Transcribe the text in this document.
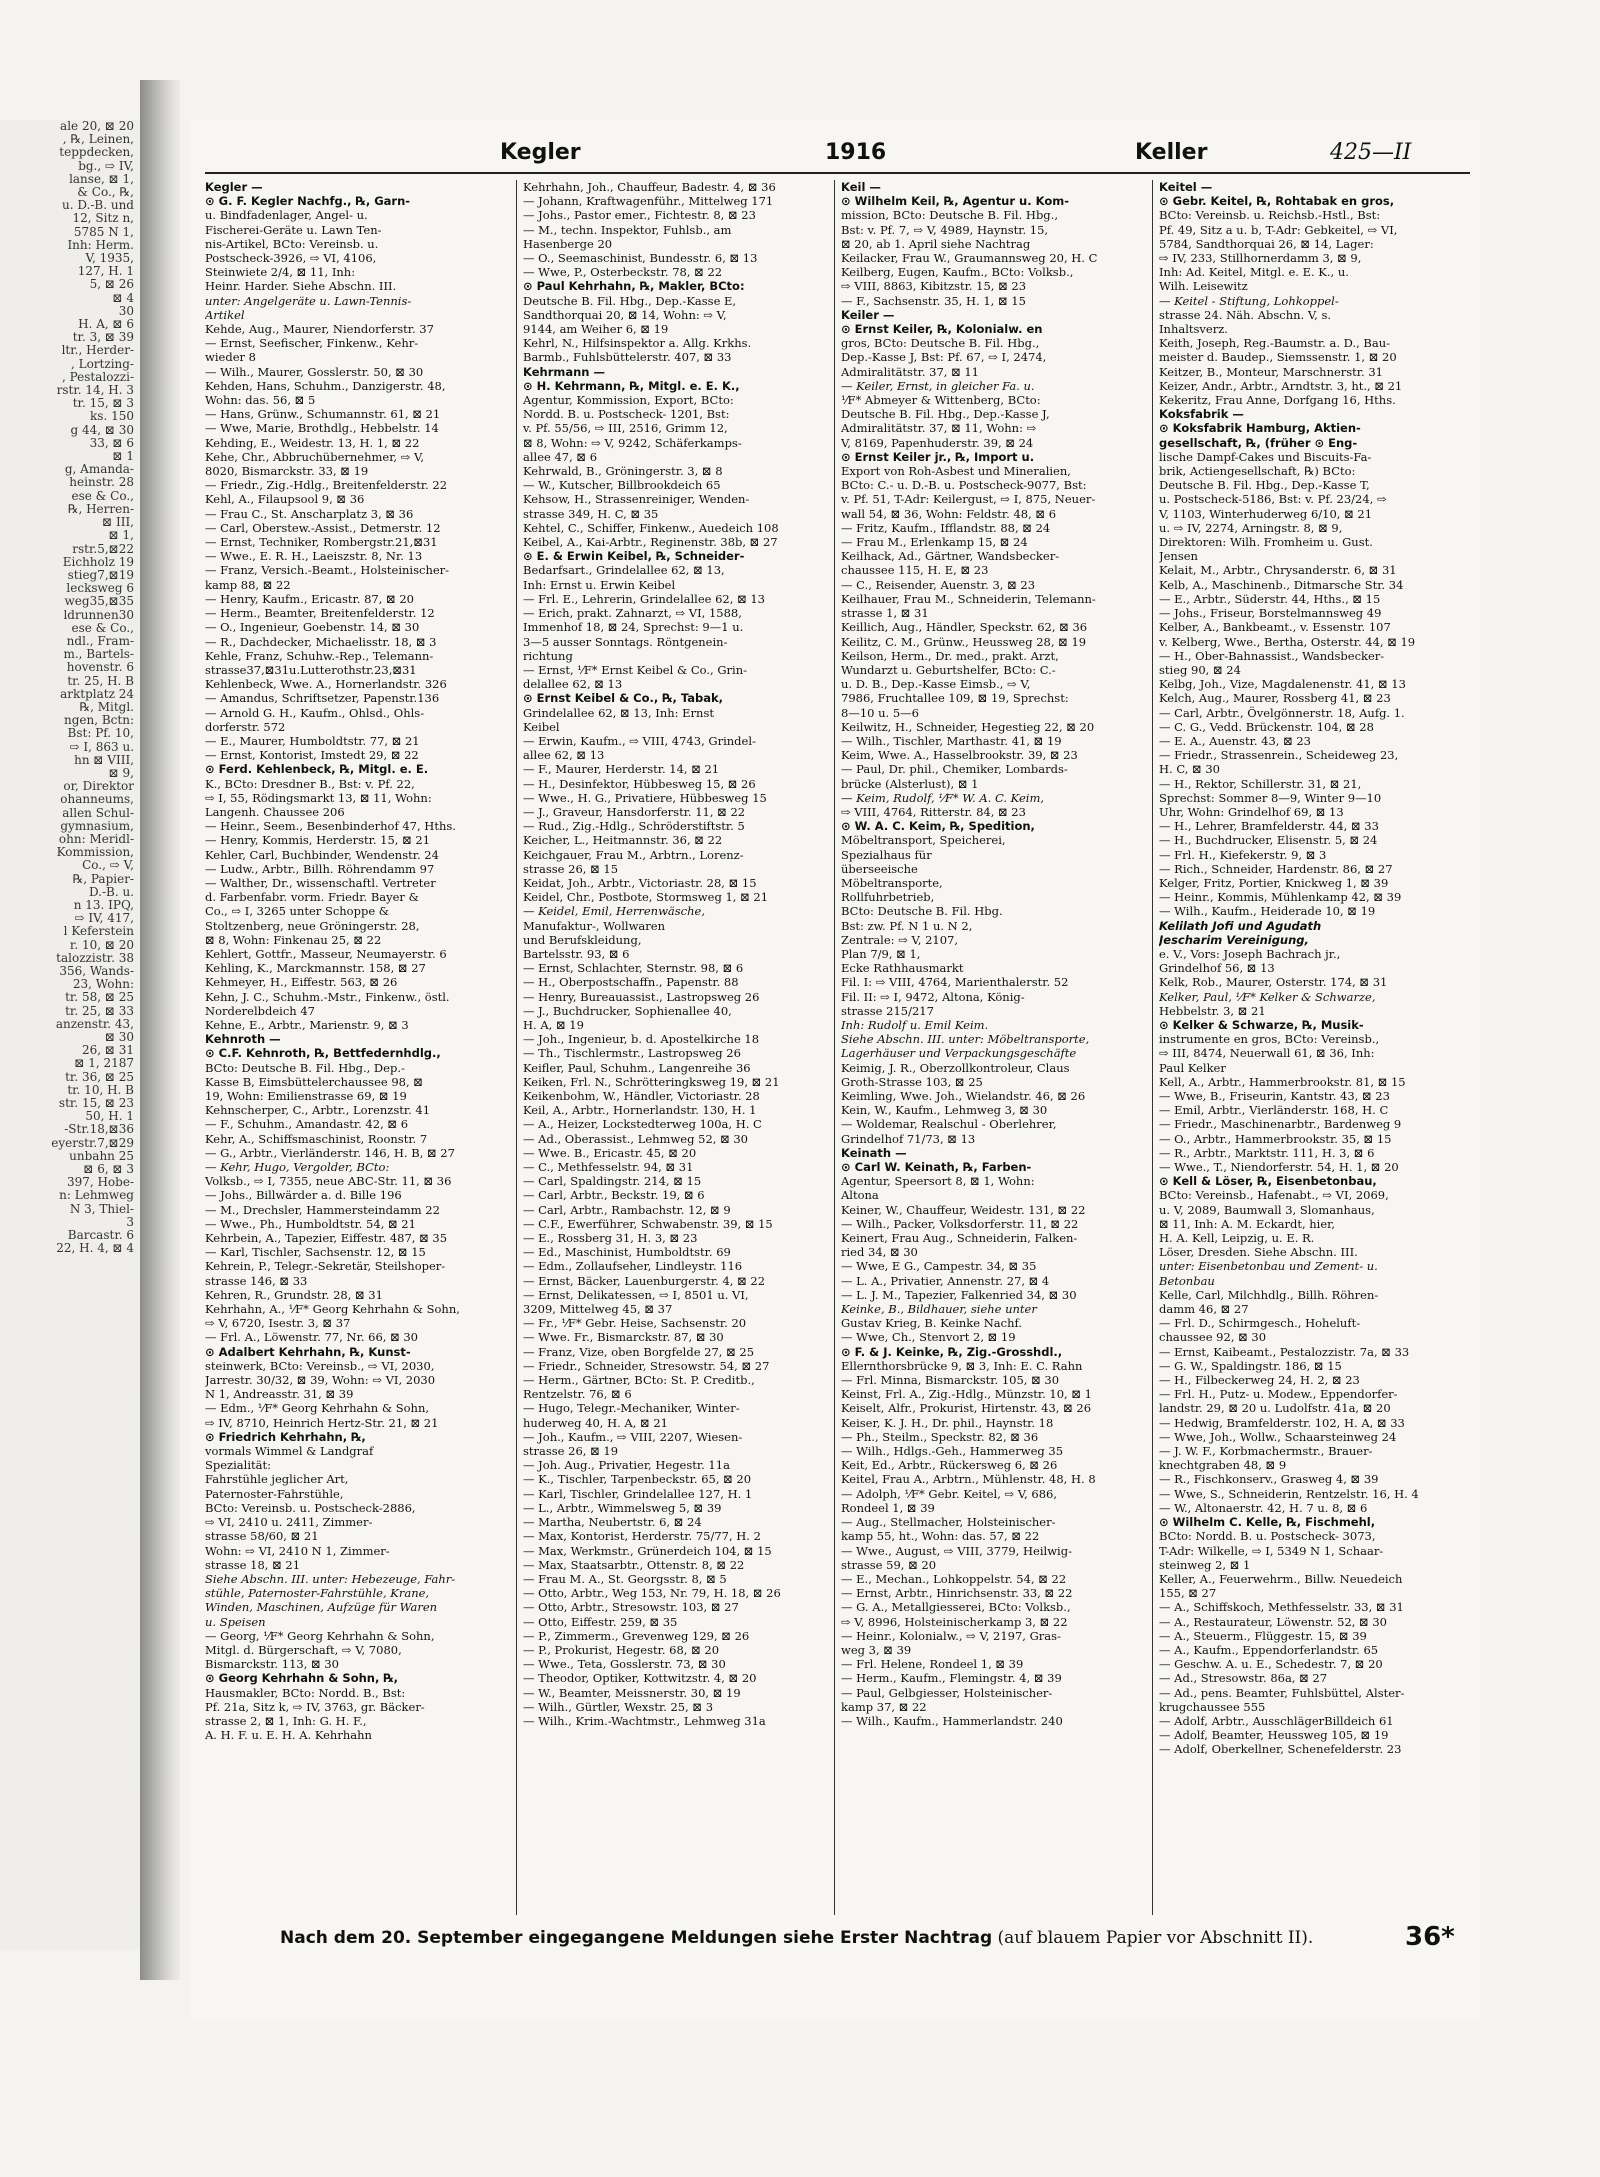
ale 20, ⊠ 20
, ℞, Leinen,
teppdecken,
bg., ⇨ IV,
lanse, ⊠ 1,
& Co., ℞,
u. D.-B. und
12, Sitz n,
5785 N 1,
Inh: Herm.
V, 1935,
127, H. 1
5, ⊠ 26
⊠ 4
30
H. A, ⊠ 6
tr. 3, ⊠ 39
ltr., Herder-
, Lortzing-
, Pestalozzi-
rstr. 14, H. 3
tr. 15, ⊠ 3
ks. 150
g 44, ⊠ 30
33, ⊠ 6
⊠ 1
g, Amanda-
heinstr. 28
ese & Co.,
℞, Herren-
⊠ III,
⊠ 1,
rstr.5,⊠22
Eichholz 19
stieg7,⊠19
lecksweg 6
weg35,⊠35
ldrunnen30
ese & Co.,
ndl., Fram-
m., Bartels-
hovenstr. 6
tr. 25, H. B
arktplatz 24
℞, Mitgl.
ngen, Bctn:
Bst: Pf. 10,
⇨ I, 863 u.
hn ⊠ VIII,
⊠ 9,
or, Direktor
ohanneums,
allen Schul-
gymnasium,
ohn: Meridl-
Kommission,
Co., ⇨ V,
℞, Papier-
D.-B. u.
n 13. IPQ,
⇨ IV, 417,
l Keferstein
r. 10, ⊠ 20
talozzistr. 38
356, Wands-
23, Wohn:
tr. 58, ⊠ 25
tr. 25, ⊠ 33
anzenstr. 43,
⊠ 30
26, ⊠ 31
⊠ 1, 2187
tr. 36, ⊠ 25
tr. 10, H. B
str. 15, ⊠ 23
50, H. 1
-Str.18,⊠36
eyerstr.7,⊠29
unbahn 25
⊠ 6, ⊠ 3
397, Hobe-
n: Lehmweg
N 3, Thiel-
3
Barcastr. 6
22, H. 4, ⊠ 4
Kegler	1916	Keller	425—II
Kegler —
⊙ G. F. Kegler Nachfg., ℞, Garn-
u. Bindfadenlager, Angel- u.
Fischerei-Geräte u. Lawn Ten-
nis-Artikel, BCto: Vereinsb. u.
Postscheck-3926, ⇨ VI, 4106,
Steinwiete 2/4, ⊠ 11, Inh:
Heinr. Harder. Siehe Abschn. III.
unter: Angelgeräte u. Lawn-Tennis-
Artikel
Kehde, Aug., Maurer, Niendorferstr. 37
— Ernst, Seefischer, Finkenw., Kehr-
wieder 8
— Wilh., Maurer, Gosslerstr. 50, ⊠ 30
Kehden, Hans, Schuhm., Danzigerstr. 48,
Wohn: das. 56, ⊠ 5
— Hans, Grünw., Schumannstr. 61, ⊠ 21
— Wwe, Marie, Brothdlg., Hebbelstr. 14
Kehding, E., Weidestr. 13, H. 1, ⊠ 22
Kehe, Chr., Abbruchübernehmer, ⇨ V,
8020, Bismarckstr. 33, ⊠ 19
— Friedr., Zig.-Hdlg., Breitenfelderstr. 22
Kehl, A., Filaupsool 9, ⊠ 36
— Frau C., St. Anscharplatz 3, ⊠ 36
— Carl, Oberstew.-Assist., Detmerstr. 12
— Ernst, Techniker, Rombergstr.21,⊠31
— Wwe., E. R. H., Laeiszstr. 8, Nr. 13
— Franz, Versich.-Beamt., Holsteinischer-
kamp 88, ⊠ 22
— Henry, Kaufm., Ericastr. 87, ⊠ 20
— Herm., Beamter, Breitenfelderstr. 12
— O., Ingenieur, Goebenstr. 14, ⊠ 30
— R., Dachdecker, Michaelisstr. 18, ⊠ 3
Kehle, Franz, Schuhw.-Rep., Telemann-
strasse37,⊠31u.Lutterothstr.23,⊠31
Kehlenbeck, Wwe. A., Hornerlandstr. 326
— Amandus, Schriftsetzer, Papenstr.136
— Arnold G. H., Kaufm., Ohlsd., Ohls-
dorferstr. 572
— E., Maurer, Humboldtstr. 77, ⊠ 21
— Ernst, Kontorist, Imstedt 29, ⊠ 22
⊙ Ferd. Kehlenbeck, ℞, Mitgl. e. E.
K., BCto: Dresdner B., Bst: v. Pf. 22,
⇨ I, 55, Rödingsmarkt 13, ⊠ 11, Wohn:
Langenh. Chaussee 206
— Heinr., Seem., Besenbinderhof 47, Hths.
— Henry, Kommis, Herderstr. 15, ⊠ 21
Kehler, Carl, Buchbinder, Wendenstr. 24
— Ludw., Arbtr., Billh. Röhrendamm 97
— Walther, Dr., wissenschaftl. Vertreter
d. Farbenfabr. vorm. Friedr. Bayer &
Co., ⇨ I, 3265 unter Schoppe &
Stoltzenberg, neue Gröningerstr. 28,
⊠ 8, Wohn: Finkenau 25, ⊠ 22
Kehlert, Gottfr., Masseur, Neumayerstr. 6
Kehling, K., Marckmannstr. 158, ⊠ 27
Kehmeyer, H., Eiffestr. 563, ⊠ 26
Kehn, J. C., Schuhm.-Mstr., Finkenw., östl.
Norderelbdeich 47
Kehne, E., Arbtr., Marienstr. 9, ⊠ 3
Kehnroth —
⊙ C.F. Kehnroth, ℞, Bettfedernhdlg.,
BCto: Deutsche B. Fil. Hbg., Dep.-
Kasse B, Eimsbüttelerchaussee 98, ⊠
19, Wohn: Emilienstrasse 69, ⊠ 19
Kehnscherper, C., Arbtr., Lorenzstr. 41
— F., Schuhm., Amandastr. 42, ⊠ 6
Kehr, A., Schiffsmaschinist, Roonstr. 7
— G., Arbtr., Vierländerstr. 146, H. B, ⊠ 27
— Kehr, Hugo, Vergolder, BCto:
Volksb., ⇨ I, 7355, neue ABC-Str. 11, ⊠ 36
— Johs., Billwärder a. d. Bille 196
— M., Drechsler, Hammersteindamm 22
— Wwe., Ph., Humboldtstr. 54, ⊠ 21
Kehrbein, A., Tapezier, Eiffestr. 487, ⊠ 35
— Karl, Tischler, Sachsenstr. 12, ⊠ 15
Kehrein, P., Telegr.-Sekretär, Steilshoper-
strasse 146, ⊠ 33
Kehren, R., Grundstr. 28, ⊠ 31
Kehrhahn, A., ⅟F* Georg Kehrhahn & Sohn,
⇨ V, 6720, Isestr. 3, ⊠ 37
— Frl. A., Löwenstr. 77, Nr. 66, ⊠ 30
⊙ Adalbert Kehrhahn, ℞, Kunst-
steinwerk, BCto: Vereinsb., ⇨ VI, 2030,
Jarrestr. 30/32, ⊠ 39, Wohn: ⇨ VI, 2030
N 1, Andreasstr. 31, ⊠ 39
— Edm., ⅟F* Georg Kehrhahn & Sohn,
⇨ IV, 8710, Heinrich Hertz-Str. 21, ⊠ 21
⊙ Friedrich Kehrhahn, ℞,
vormals Wimmel & Landgraf
Spezialität:
Fahrstühle jeglicher Art,
Paternoster-Fahrstühle,
BCto: Vereinsb. u. Postscheck-2886,
⇨ VI, 2410 u. 2411, Zimmer-
strasse 58/60, ⊠ 21
Wohn: ⇨ VI, 2410 N 1, Zimmer-
strasse 18, ⊠ 21
Siehe Abschn. III. unter: Hebezeuge, Fahr-
stühle, Paternoster-Fahrstühle, Krane,
Winden, Maschinen, Aufzüge für Waren
u. Speisen
— Georg, ⅟F* Georg Kehrhahn & Sohn,
Mitgl. d. Bürgerschaft, ⇨ V, 7080,
Bismarckstr. 113, ⊠ 30
⊙ Georg Kehrhahn & Sohn, ℞,
Hausmakler, BCto: Nordd. B., Bst:
Pf. 21a, Sitz k, ⇨ IV, 3763, gr. Bäcker-
strasse 2, ⊠ 1, Inh: G. H. F.,
A. H. F. u. E. H. A. Kehrhahn
Kehrhahn, Joh., Chauffeur, Badestr. 4, ⊠ 36
— Johann, Kraftwagenführ., Mittelweg 171
— Johs., Pastor emer., Fichtestr. 8, ⊠ 23
— M., techn. Inspektor, Fuhlsb., am
Hasenberge 20
— O., Seemaschinist, Bundesstr. 6, ⊠ 13
— Wwe, P., Osterbeckstr. 78, ⊠ 22
⊙ Paul Kehrhahn, ℞, Makler, BCto:
Deutsche B. Fil. Hbg., Dep.-Kasse E,
Sandthorquai 20, ⊠ 14, Wohn: ⇨ V,
9144, am Weiher 6, ⊠ 19
Kehrl, N., Hilfsinspektor a. Allg. Krkhs.
Barmb., Fuhlsbüttelerstr. 407, ⊠ 33
Kehrmann —
⊙ H. Kehrmann, ℞, Mitgl. e. E. K.,
Agentur, Kommission, Export, BCto:
Nordd. B. u. Postscheck- 1201, Bst:
v. Pf. 55/56, ⇨ III, 2516, Grimm 12,
⊠ 8, Wohn: ⇨ V, 9242, Schäferkamps-
allee 47, ⊠ 6
Kehrwald, B., Gröningerstr. 3, ⊠ 8
— W., Kutscher, Billbrookdeich 65
Kehsow, H., Strassenreiniger, Wenden-
strasse 349, H. C, ⊠ 35
Kehtel, C., Schiffer, Finkenw., Auedeich 108
Keibel, A., Kai-Arbtr., Reginenstr. 38b, ⊠ 27
⊙ E. & Erwin Keibel, ℞, Schneider-
Bedarfsart., Grindelallee 62, ⊠ 13,
Inh: Ernst u. Erwin Keibel
— Frl. E., Lehrerin, Grindelallee 62, ⊠ 13
— Erich, prakt. Zahnarzt, ⇨ VI, 1588,
Immenhof 18, ⊠ 24, Sprechst: 9—1 u.
3—5 ausser Sonntags. Röntgenein-
richtung
— Ernst, ⅟F* Ernst Keibel & Co., Grin-
delallee 62, ⊠ 13
⊙ Ernst Keibel & Co., ℞, Tabak,
Grindelallee 62, ⊠ 13, Inh: Ernst
Keibel
— Erwin, Kaufm., ⇨ VIII, 4743, Grindel-
allee 62, ⊠ 13
— F., Maurer, Herderstr. 14, ⊠ 21
— H., Desinfektor, Hübbesweg 15, ⊠ 26
— Wwe., H. G., Privatiere, Hübbesweg 15
— J., Graveur, Hansdorferstr. 11, ⊠ 22
— Rud., Zig.-Hdlg., Schröderstiftstr. 5
Keicher, L., Heitmannstr. 36, ⊠ 22
Keichgauer, Frau M., Arbtrn., Lorenz-
strasse 26, ⊠ 15
Keidat, Joh., Arbtr., Victoriastr. 28, ⊠ 15
Keidel, Chr., Postbote, Stormsweg 1, ⊠ 21
— Keidel, Emil, Herrenwäsche,
Manufaktur-, Wollwaren
und Berufskleidung,
Bartelsstr. 93, ⊠ 6
— Ernst, Schlachter, Sternstr. 98, ⊠ 6
— H., Oberpostschaffn., Papenstr. 88
— Henry, Bureauassist., Lastropsweg 26
— J., Buchdrucker, Sophienallee 40,
H. A, ⊠ 19
— Joh., Ingenieur, b. d. Apostelkirche 18
— Th., Tischlermstr., Lastropsweg 26
Keifler, Paul, Schuhm., Langenreihe 36
Keiken, Frl. N., Schrötteringksweg 19, ⊠ 21
Keikenbohm, W., Händler, Victoriastr. 28
Keil, A., Arbtr., Hornerlandstr. 130, H. 1
— A., Heizer, Lockstedterweg 100a, H. C
— Ad., Oberassist., Lehmweg 52, ⊠ 30
— Wwe. B., Ericastr. 45, ⊠ 20
— C., Methfesselstr. 94, ⊠ 31
— Carl, Spaldingstr. 214, ⊠ 15
— Carl, Arbtr., Beckstr. 19, ⊠ 6
— Carl, Arbtr., Rambachstr. 12, ⊠ 9
— C.F., Ewerführer, Schwabenstr. 39, ⊠ 15
— E., Rossberg 31, H. 3, ⊠ 23
— Ed., Maschinist, Humboldtstr. 69
— Edm., Zollaufseher, Lindleystr. 116
— Ernst, Bäcker, Lauenburgerstr. 4, ⊠ 22
— Ernst, Delikatessen, ⇨ I, 8501 u. VI,
3209, Mittelweg 45, ⊠ 37
— Fr., ⅟F* Gebr. Heise, Sachsenstr. 20
— Wwe. Fr., Bismarckstr. 87, ⊠ 30
— Franz, Vize, oben Borgfelde 27, ⊠ 25
— Friedr., Schneider, Stresowstr. 54, ⊠ 27
— Herm., Gärtner, BCto: St. P. Creditb.,
Rentzelstr. 76, ⊠ 6
— Hugo, Telegr.-Mechaniker, Winter-
huderweg 40, H. A, ⊠ 21
— Joh., Kaufm., ⇨ VIII, 2207, Wiesen-
strasse 26, ⊠ 19
— Joh. Aug., Privatier, Hegestr. 11a
— K., Tischler, Tarpenbeckstr. 65, ⊠ 20
— Karl, Tischler, Grindelallee 127, H. 1
— L., Arbtr., Wimmelsweg 5, ⊠ 39
— Martha, Neubertstr. 6, ⊠ 24
— Max, Kontorist, Herderstr. 75/77, H. 2
— Max, Werkmstr., Grünerdeich 104, ⊠ 15
— Max, Staatsarbtr., Ottenstr. 8, ⊠ 22
— Frau M. A., St. Georgsstr. 8, ⊠ 5
— Otto, Arbtr., Weg 153, Nr. 79, H. 18, ⊠ 26
— Otto, Arbtr., Stresowstr. 103, ⊠ 27
— Otto, Eiffestr. 259, ⊠ 35
— P., Zimmerm., Grevenweg 129, ⊠ 26
— P., Prokurist, Hegestr. 68, ⊠ 20
— Wwe., Teta, Gosslerstr. 73, ⊠ 30
— Theodor, Optiker, Kottwitzstr. 4, ⊠ 20
— W., Beamter, Meissnerstr. 30, ⊠ 19
— Wilh., Gürtler, Wexstr. 25, ⊠ 3
— Wilh., Krim.-Wachtmstr., Lehmweg 31a
Keil —
⊙ Wilhelm Keil, ℞, Agentur u. Kom-
mission, BCto: Deutsche B. Fil. Hbg.,
Bst: v. Pf. 7, ⇨ V, 4989, Haynstr. 15,
⊠ 20, ab 1. April siehe Nachtrag
Keilacker, Frau W., Graumannsweg 20, H. C
Keilberg, Eugen, Kaufm., BCto: Volksb.,
⇨ VIII, 8863, Kibitzstr. 15, ⊠ 23
— F., Sachsenstr. 35, H. 1, ⊠ 15
Keiler —
⊙ Ernst Keiler, ℞, Kolonialw. en
gros, BCto: Deutsche B. Fil. Hbg.,
Dep.-Kasse J, Bst: Pf. 67, ⇨ I, 2474,
Admiralitätstr. 37, ⊠ 11
— Keiler, Ernst, in gleicher Fa. u.
⅟F* Abmeyer & Wittenberg, BCto:
Deutsche B. Fil. Hbg., Dep.-Kasse J,
Admiralitätstr. 37, ⊠ 11, Wohn: ⇨
V, 8169, Papenhuderstr. 39, ⊠ 24
⊙ Ernst Keiler jr., ℞, Import u.
Export von Roh-Asbest und Mineralien,
BCto: C.- u. D.-B. u. Postscheck-9077, Bst:
v. Pf. 51, T-Adr: Keilergust, ⇨ I, 875, Neuer-
wall 54, ⊠ 36, Wohn: Feldstr. 48, ⊠ 6
— Fritz, Kaufm., Ifflandstr. 88, ⊠ 24
— Frau M., Erlenkamp 15, ⊠ 24
Keilhack, Ad., Gärtner, Wandsbecker-
chaussee 115, H. E, ⊠ 23
— C., Reisender, Auenstr. 3, ⊠ 23
Keilhauer, Frau M., Schneiderin, Telemann-
strasse 1, ⊠ 31
Keillich, Aug., Händler, Speckstr. 62, ⊠ 36
Keilitz, C. M., Grünw., Heussweg 28, ⊠ 19
Keilson, Herm., Dr. med., prakt. Arzt,
Wundarzt u. Geburtshelfer, BCto: C.-
u. D. B., Dep.-Kasse Eimsb., ⇨ V,
7986, Fruchtallee 109, ⊠ 19, Sprechst:
8—10 u. 5—6
Keilwitz, H., Schneider, Hegestieg 22, ⊠ 20
— Wilh., Tischler, Marthastr. 41, ⊠ 19
Keim, Wwe. A., Hasselbrookstr. 39, ⊠ 23
— Paul, Dr. phil., Chemiker, Lombards-
brücke (Alsterlust), ⊠ 1
— Keim, Rudolf, ⅟F* W. A. C. Keim,
⇨ VIII, 4764, Ritterstr. 84, ⊠ 23
⊙ W. A. C. Keim, ℞, Spedition,
Möbeltransport, Speicherei,
Spezialhaus für
überseeische
Möbeltransporte,
Rollfuhrbetrieb,
BCto: Deutsche B. Fil. Hbg.
Bst: zw. Pf. N 1 u. N 2,
Zentrale: ⇨ V, 2107,
Plan 7/9, ⊠ 1,
Ecke Rathhausmarkt
Fil. I: ⇨ VIII, 4764, Marienthalerstr. 52
Fil. II: ⇨ I, 9472, Altona, König-
strasse 215/217
Inh: Rudolf u. Emil Keim.
Siehe Abschn. III. unter: Möbeltransporte,
Lagerhäuser und Verpackungsgeschäfte
Keimig, J. R., Oberzollkontroleur, Claus
Groth-Strasse 103, ⊠ 25
Keimling, Wwe. Joh., Wielandstr. 46, ⊠ 26
Kein, W., Kaufm., Lehmweg 3, ⊠ 30
— Woldemar, Realschul - Oberlehrer,
Grindelhof 71/73, ⊠ 13
Keinath —
⊙ Carl W. Keinath, ℞, Farben-
Agentur, Speersort 8, ⊠ 1, Wohn:
Altona
Keiner, W., Chauffeur, Weidestr. 131, ⊠ 22
— Wilh., Packer, Volksdorferstr. 11, ⊠ 22
Keinert, Frau Aug., Schneiderin, Falken-
ried 34, ⊠ 30
— Wwe, E G., Campestr. 34, ⊠ 35
— L. A., Privatier, Annenstr. 27, ⊠ 4
— L. J. M., Tapezier, Falkenried 34, ⊠ 30
Keinke, B., Bildhauer, siehe unter
Gustav Krieg, B. Keinke Nachf.
— Wwe, Ch., Stenvort 2, ⊠ 19
⊙ F. & J. Keinke, ℞, Zig.-Grosshdl.,
Ellernthorsbrücke 9, ⊠ 3, Inh: E. C. Rahn
— Frl. Minna, Bismarckstr. 105, ⊠ 30
Keinst, Frl. A., Zig.-Hdlg., Münzstr. 10, ⊠ 1
Keiselt, Alfr., Prokurist, Hirtenstr. 43, ⊠ 26
Keiser, K. J. H., Dr. phil., Haynstr. 18
— Ph., Steilm., Speckstr. 82, ⊠ 36
— Wilh., Hdlgs.-Geh., Hammerweg 35
Keit, Ed., Arbtr., Rückersweg 6, ⊠ 26
Keitel, Frau A., Arbtrn., Mühlenstr. 48, H. 8
— Adolph, ⅟F* Gebr. Keitel, ⇨ V, 686,
Rondeel 1, ⊠ 39
— Aug., Stellmacher, Holsteinischer-
kamp 55, ht., Wohn: das. 57, ⊠ 22
— Wwe., August, ⇨ VIII, 3779, Heilwig-
strasse 59, ⊠ 20
— E., Mechan., Lohkoppelstr. 54, ⊠ 22
— Ernst, Arbtr., Hinrichsenstr. 33, ⊠ 22
— G. A., Metallgiesserei, BCto: Volksb.,
⇨ V, 8996, Holsteinischerkamp 3, ⊠ 22
— Heinr., Kolonialw., ⇨ V, 2197, Gras-
weg 3, ⊠ 39
— Frl. Helene, Rondeel 1, ⊠ 39
— Herm., Kaufm., Flemingstr. 4, ⊠ 39
— Paul, Gelbgiesser, Holsteinischer-
kamp 37, ⊠ 22
— Wilh., Kaufm., Hammerlandstr. 240
Keitel —
⊙ Gebr. Keitel, ℞, Rohtabak en gros,
BCto: Vereinsb. u. Reichsb.-Hstl., Bst:
Pf. 49, Sitz a u. b, T-Adr: Gebkeitel, ⇨ VI,
5784, Sandthorquai 26, ⊠ 14, Lager:
⇨ IV, 233, Stillhornerdamm 3, ⊠ 9,
Inh: Ad. Keitel, Mitgl. e. E. K., u.
Wilh. Leisewitz
— Keitel - Stiftung, Lohkoppel-
strasse 24. Näh. Abschn. V, s.
Inhaltsverz.
Keith, Joseph, Reg.-Baumstr. a. D., Bau-
meister d. Baudep., Siemssenstr. 1, ⊠ 20
Keitzer, B., Monteur, Marschnerstr. 31
Keizer, Andr., Arbtr., Arndtstr. 3, ht., ⊠ 21
Kekeritz, Frau Anne, Dorfgang 16, Hths.
Koksfabrik —
⊙ Koksfabrik Hamburg, Aktien-
gesellschaft, ℞, (früher ⊙ Eng-
lische Dampf-Cakes und Biscuits-Fa-
brik, Actiengesellschaft, ℞) BCto:
Deutsche B. Fil. Hbg., Dep.-Kasse T,
u. Postscheck-5186, Bst: v. Pf. 23/24, ⇨
V, 1103, Winterhuderweg 6/10, ⊠ 21
u. ⇨ IV, 2274, Arningstr. 8, ⊠ 9,
Direktoren: Wilh. Fromheim u. Gust.
Jensen
Kelait, M., Arbtr., Chrysanderstr. 6, ⊠ 31
Kelb, A., Maschinenb., Ditmarsche Str. 34
— E., Arbtr., Süderstr. 44, Hths., ⊠ 15
— Johs., Friseur, Borstelmannsweg 49
Kelber, A., Bankbeamt., v. Essenstr. 107
v. Kelberg, Wwe., Bertha, Osterstr. 44, ⊠ 19
— H., Ober-Bahnassist., Wandsbecker-
stieg 90, ⊠ 24
Kelbg, Joh., Vize, Magdalenenstr. 41, ⊠ 13
Kelch, Aug., Maurer, Rossberg 41, ⊠ 23
— Carl, Arbtr., Övelgönnerstr. 18, Aufg. 1.
— C. G., Vedd. Brückenstr. 104, ⊠ 28
— E. A., Auenstr. 43, ⊠ 23
— Friedr., Strassenrein., Scheideweg 23,
H. C, ⊠ 30
— H., Rektor, Schillerstr. 31, ⊠ 21,
Sprechst: Sommer 8—9, Winter 9—10
Uhr, Wohn: Grindelhof 69, ⊠ 13
— H., Lehrer, Bramfelderstr. 44, ⊠ 33
— H., Buchdrucker, Elisenstr. 5, ⊠ 24
— Frl. H., Kiefekerstr. 9, ⊠ 3
— Rich., Schneider, Hardenstr. 86, ⊠ 27
Kelger, Fritz, Portier, Knickweg 1, ⊠ 39
— Heinr., Kommis, Mühlenkamp 42, ⊠ 39
— Wilh., Kaufm., Heiderade 10, ⊠ 19
Kelilath Jofi und Agudath
Jescharim Vereinigung,
e. V., Vors: Joseph Bachrach jr.,
Grindelhof 56, ⊠ 13
Kelk, Rob., Maurer, Osterstr. 174, ⊠ 31
Kelker, Paul, ⅟F* Kelker & Schwarze,
Hebbelstr. 3, ⊠ 21
⊙ Kelker & Schwarze, ℞, Musik-
instrumente en gros, BCto: Vereinsb.,
⇨ III, 8474, Neuerwall 61, ⊠ 36, Inh:
Paul Kelker
Kell, A., Arbtr., Hammerbrookstr. 81, ⊠ 15
— Wwe, B., Friseurin, Kantstr. 43, ⊠ 23
— Emil, Arbtr., Vierländerstr. 168, H. C
— Friedr., Maschinenarbtr., Bardenweg 9
— O., Arbtr., Hammerbrookstr. 35, ⊠ 15
— R., Arbtr., Marktstr. 111, H. 3, ⊠ 6
— Wwe., T., Niendorferstr. 54, H. 1, ⊠ 20
⊙ Kell & Löser, ℞, Eisenbetonbau,
BCto: Vereinsb., Hafenabt., ⇨ VI, 2069,
u. V, 2089, Baumwall 3, Slomanhaus,
⊠ 11, Inh: A. M. Eckardt, hier,
H. A. Kell, Leipzig, u. E. R.
Löser, Dresden. Siehe Abschn. III.
unter: Eisenbetonbau und Zement- u.
Betonbau
Kelle, Carl, Milchhdlg., Billh. Röhren-
damm 46, ⊠ 27
— Frl. D., Schirmgesch., Hoheluft-
chaussee 92, ⊠ 30
— Ernst, Kaibeamt., Pestalozzistr. 7a, ⊠ 33
— G. W., Spaldingstr. 186, ⊠ 15
— H., Filbeckerweg 24, H. 2, ⊠ 23
— Frl. H., Putz- u. Modew., Eppendorfer-
landstr. 29, ⊠ 20 u. Ludolfstr. 41a, ⊠ 20
— Hedwig, Bramfelderstr. 102, H. A, ⊠ 33
— Wwe, Joh., Wollw., Schaarsteinweg 24
— J. W. F., Korbmachermstr., Brauer-
knechtgraben 48, ⊠ 9
— R., Fischkonserv., Grasweg 4, ⊠ 39
— Wwe, S., Schneiderin, Rentzelstr. 16, H. 4
— W., Altonaerstr. 42, H. 7 u. 8, ⊠ 6
⊙ Wilhelm C. Kelle, ℞, Fischmehl,
BCto: Nordd. B. u. Postscheck- 3073,
T-Adr: Wilkelle, ⇨ I, 5349 N 1, Schaar-
steinweg 2, ⊠ 1
Keller, A., Feuerwehrm., Billw. Neuedeich
155, ⊠ 27
— A., Schiffskoch, Methfesselstr. 33, ⊠ 31
— A., Restaurateur, Löwenstr. 52, ⊠ 30
— A., Steuerm., Flüggestr. 15, ⊠ 39
— A., Kaufm., Eppendorferlandstr. 65
— Geschw. A. u. E., Schedestr. 7, ⊠ 20
— Ad., Stresowstr. 86a, ⊠ 27
— Ad., pens. Beamter, Fuhlsbüttel, Alster-
krugchaussee 555
— Adolf, Arbtr., AusschlägerBilldeich 61
— Adolf, Beamter, Heussweg 105, ⊠ 19
— Adolf, Oberkellner, Schenefelderstr. 23
Nach dem 20. September eingegangene Meldungen siehe Erster Nachtrag (auf blauem Papier vor Abschnitt II).	36*
